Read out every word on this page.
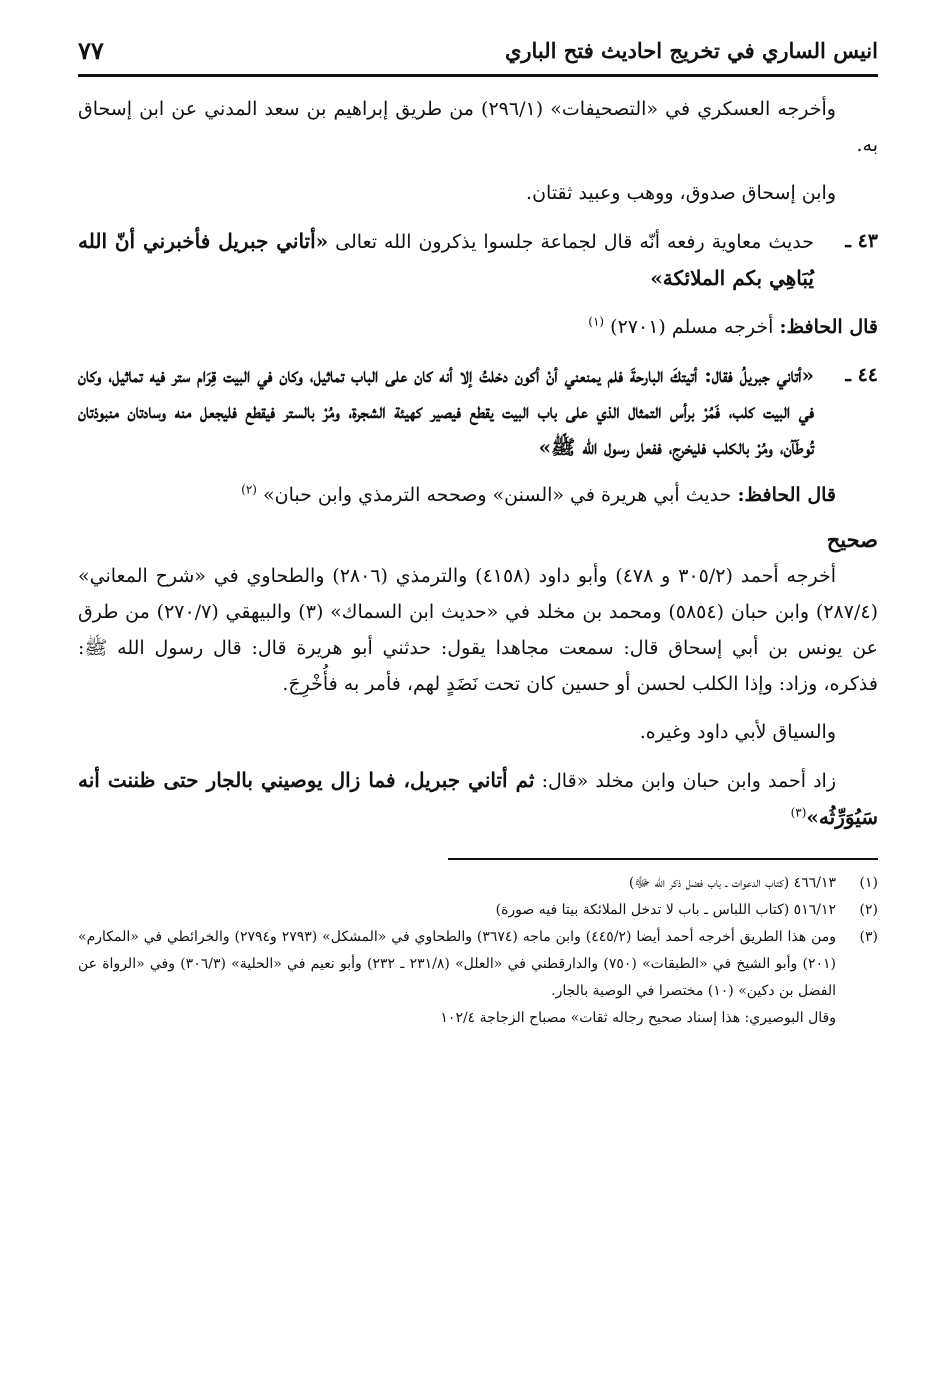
انيس الساري في تخريج احاديث فتح الباري
٧٧

وأخرجه العسكري في «التصحيفات» (٢٩٦/١) من طريق إبراهيم بن سعد المدني عن ابن إسحاق به.

وابن إسحاق صدوق، ووهب وعبيد ثقتان.

٤٣ ـ

حديث معاوية رفعه أنّه قال لجماعة جلسوا يذكرون الله تعالى «أتاني جبريل فأخبرني أنّ الله يُبَاهِي بكم الملائكة»

قال الحافظ: أخرجه مسلم (٢٧٠١) $^{(١)}$

٤٤ ـ

«أتاني جبريلُ فقال: أتيتكَ البارحةَ فلم يمنعني أنْ أكون دخلتُ إلا أنه كان على الباب تماثيل، وكان في البيت قِرَام ستر فيه تماثيل، وكان في البيت كلب، فَمُرْ برأس التمثال الذي على باب البيت يقطع فيصير كهيئة الشجرة، ومُرْ بالستر فيقطع فليجعل منه وسادتان منبوذتان تُوطَآن، ومُرْ بالكلب فليخرج، ففعل رسول الله ﷺ»

قال الحافظ: حديث أبي هريرة في «السنن» وصححه الترمذي وابن حبان» $^{(٢)}$

صحيح

أخرجه أحمد (٣٠٥/٢ و ٤٧٨) وأبو داود (٤١٥٨) والترمذي (٢٨٠٦) والطحاوي في «شرح المعاني» (٢٨٧/٤) وابن حبان (٥٨٥٤) ومحمد بن مخلد في «حديث ابن السماك» (٣) والبيهقي (٢٧٠/٧) من طرق عن يونس بن أبي إسحاق قال: سمعت مجاهدا يقول: حدثني أبو هريرة قال: قال رسول الله ﷺ: فذكره، وزاد: وإذا الكلب لحسن أو حسين كان تحت نَضَدٍ لهم، فأمر به فأُخْرِجَ.

والسياق لأبي داود وغيره.

زاد أحمد وابن حبان وابن مخلد «قال: ثم أتاني جبريل، فما زال يوصيني بالجار حتى ظننت أنه سَيُوَرِّثُه»$^{(٣)}$

(١)
٤٦٦/١٣ (كتاب الدعوات ـ باب فضل ذكر الله ﷻ)
(٢)
٥١٦/١٢ (كتاب اللباس ـ باب لا تدخل الملائكة بيتا فيه صورة)
(٣)
ومن هذا الطريق أخرجه أحمد أيضا (٤٤٥/٢) وابن ماجه (٣٦٧٤) والطحاوي في «المشكل» (٢٧٩٣ و٢٧٩٤) والخرائطي في «المكارم» (٢٠١) وأبو الشيخ في «الطبقات» (٧٥٠) والدارقطني في «العلل» (٢٣١/٨ ـ ٢٣٢) وأبو نعيم في «الحلية» (٣٠٦/٣) وفي «الرواة عن الفضل بن دكين» (١٠) مختصرا في الوصية بالجار.
وقال البوصيري: هذا إسناد صحيح رجاله ثقات» مصباح الزجاجة ١٠٢/٤
